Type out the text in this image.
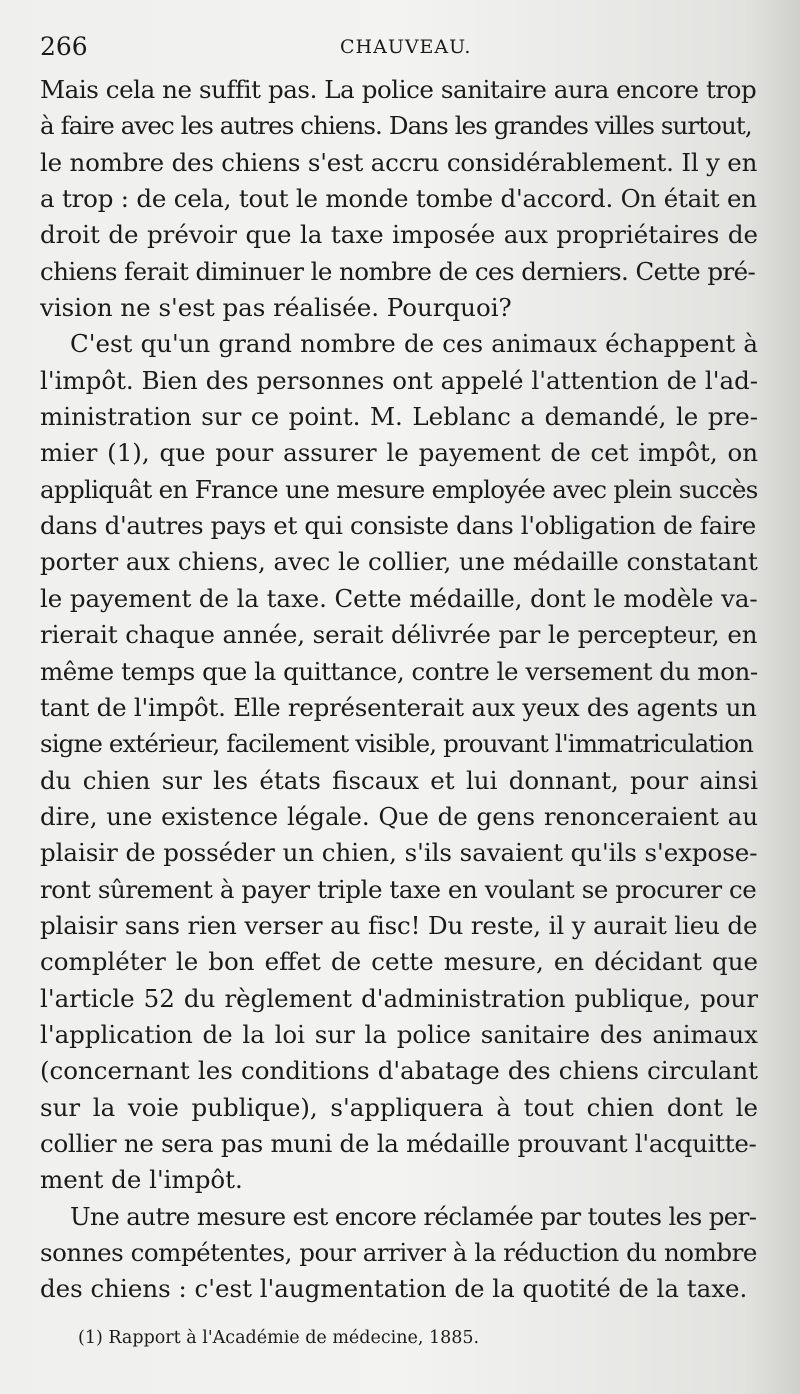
266	CHAUVEAU.
Mais cela ne suffit pas. La police sanitaire aura encore trop
à faire avec les autres chiens. Dans les grandes villes surtout,
le nombre des chiens s'est accru considérablement. Il y en
a trop : de cela, tout le monde tombe d'accord. On était en
droit de prévoir que la taxe imposée aux propriétaires de
chiens ferait diminuer le nombre de ces derniers. Cette pré-
vision ne s'est pas réalisée. Pourquoi?
C'est qu'un grand nombre de ces animaux échappent à
l'impôt. Bien des personnes ont appelé l'attention de l'ad-
ministration sur ce point. M. Leblanc a demandé, le pre-
mier (1), que pour assurer le payement de cet impôt, on
appliquât en France une mesure employée avec plein succès
dans d'autres pays et qui consiste dans l'obligation de faire
porter aux chiens, avec le collier, une médaille constatant
le payement de la taxe. Cette médaille, dont le modèle va-
rierait chaque année, serait délivrée par le percepteur, en
même temps que la quittance, contre le versement du mon-
tant de l'impôt. Elle représenterait aux yeux des agents un
signe extérieur, facilement visible, prouvant l'immatriculation
du chien sur les états fiscaux et lui donnant, pour ainsi
dire, une existence légale. Que de gens renonceraient au
plaisir de posséder un chien, s'ils savaient qu'ils s'expose-
ront sûrement à payer triple taxe en voulant se procurer ce
plaisir sans rien verser au fisc! Du reste, il y aurait lieu de
compléter le bon effet de cette mesure, en décidant que
l'article 52 du règlement d'administration publique, pour
l'application de la loi sur la police sanitaire des animaux
(concernant les conditions d'abatage des chiens circulant
sur la voie publique), s'appliquera à tout chien dont le
collier ne sera pas muni de la médaille prouvant l'acquitte-
ment de l'impôt.
Une autre mesure est encore réclamée par toutes les per-
sonnes compétentes, pour arriver à la réduction du nombre
des chiens : c'est l'augmentation de la quotité de la taxe.
(1) Rapport à l'Académie de médecine, 1885.
